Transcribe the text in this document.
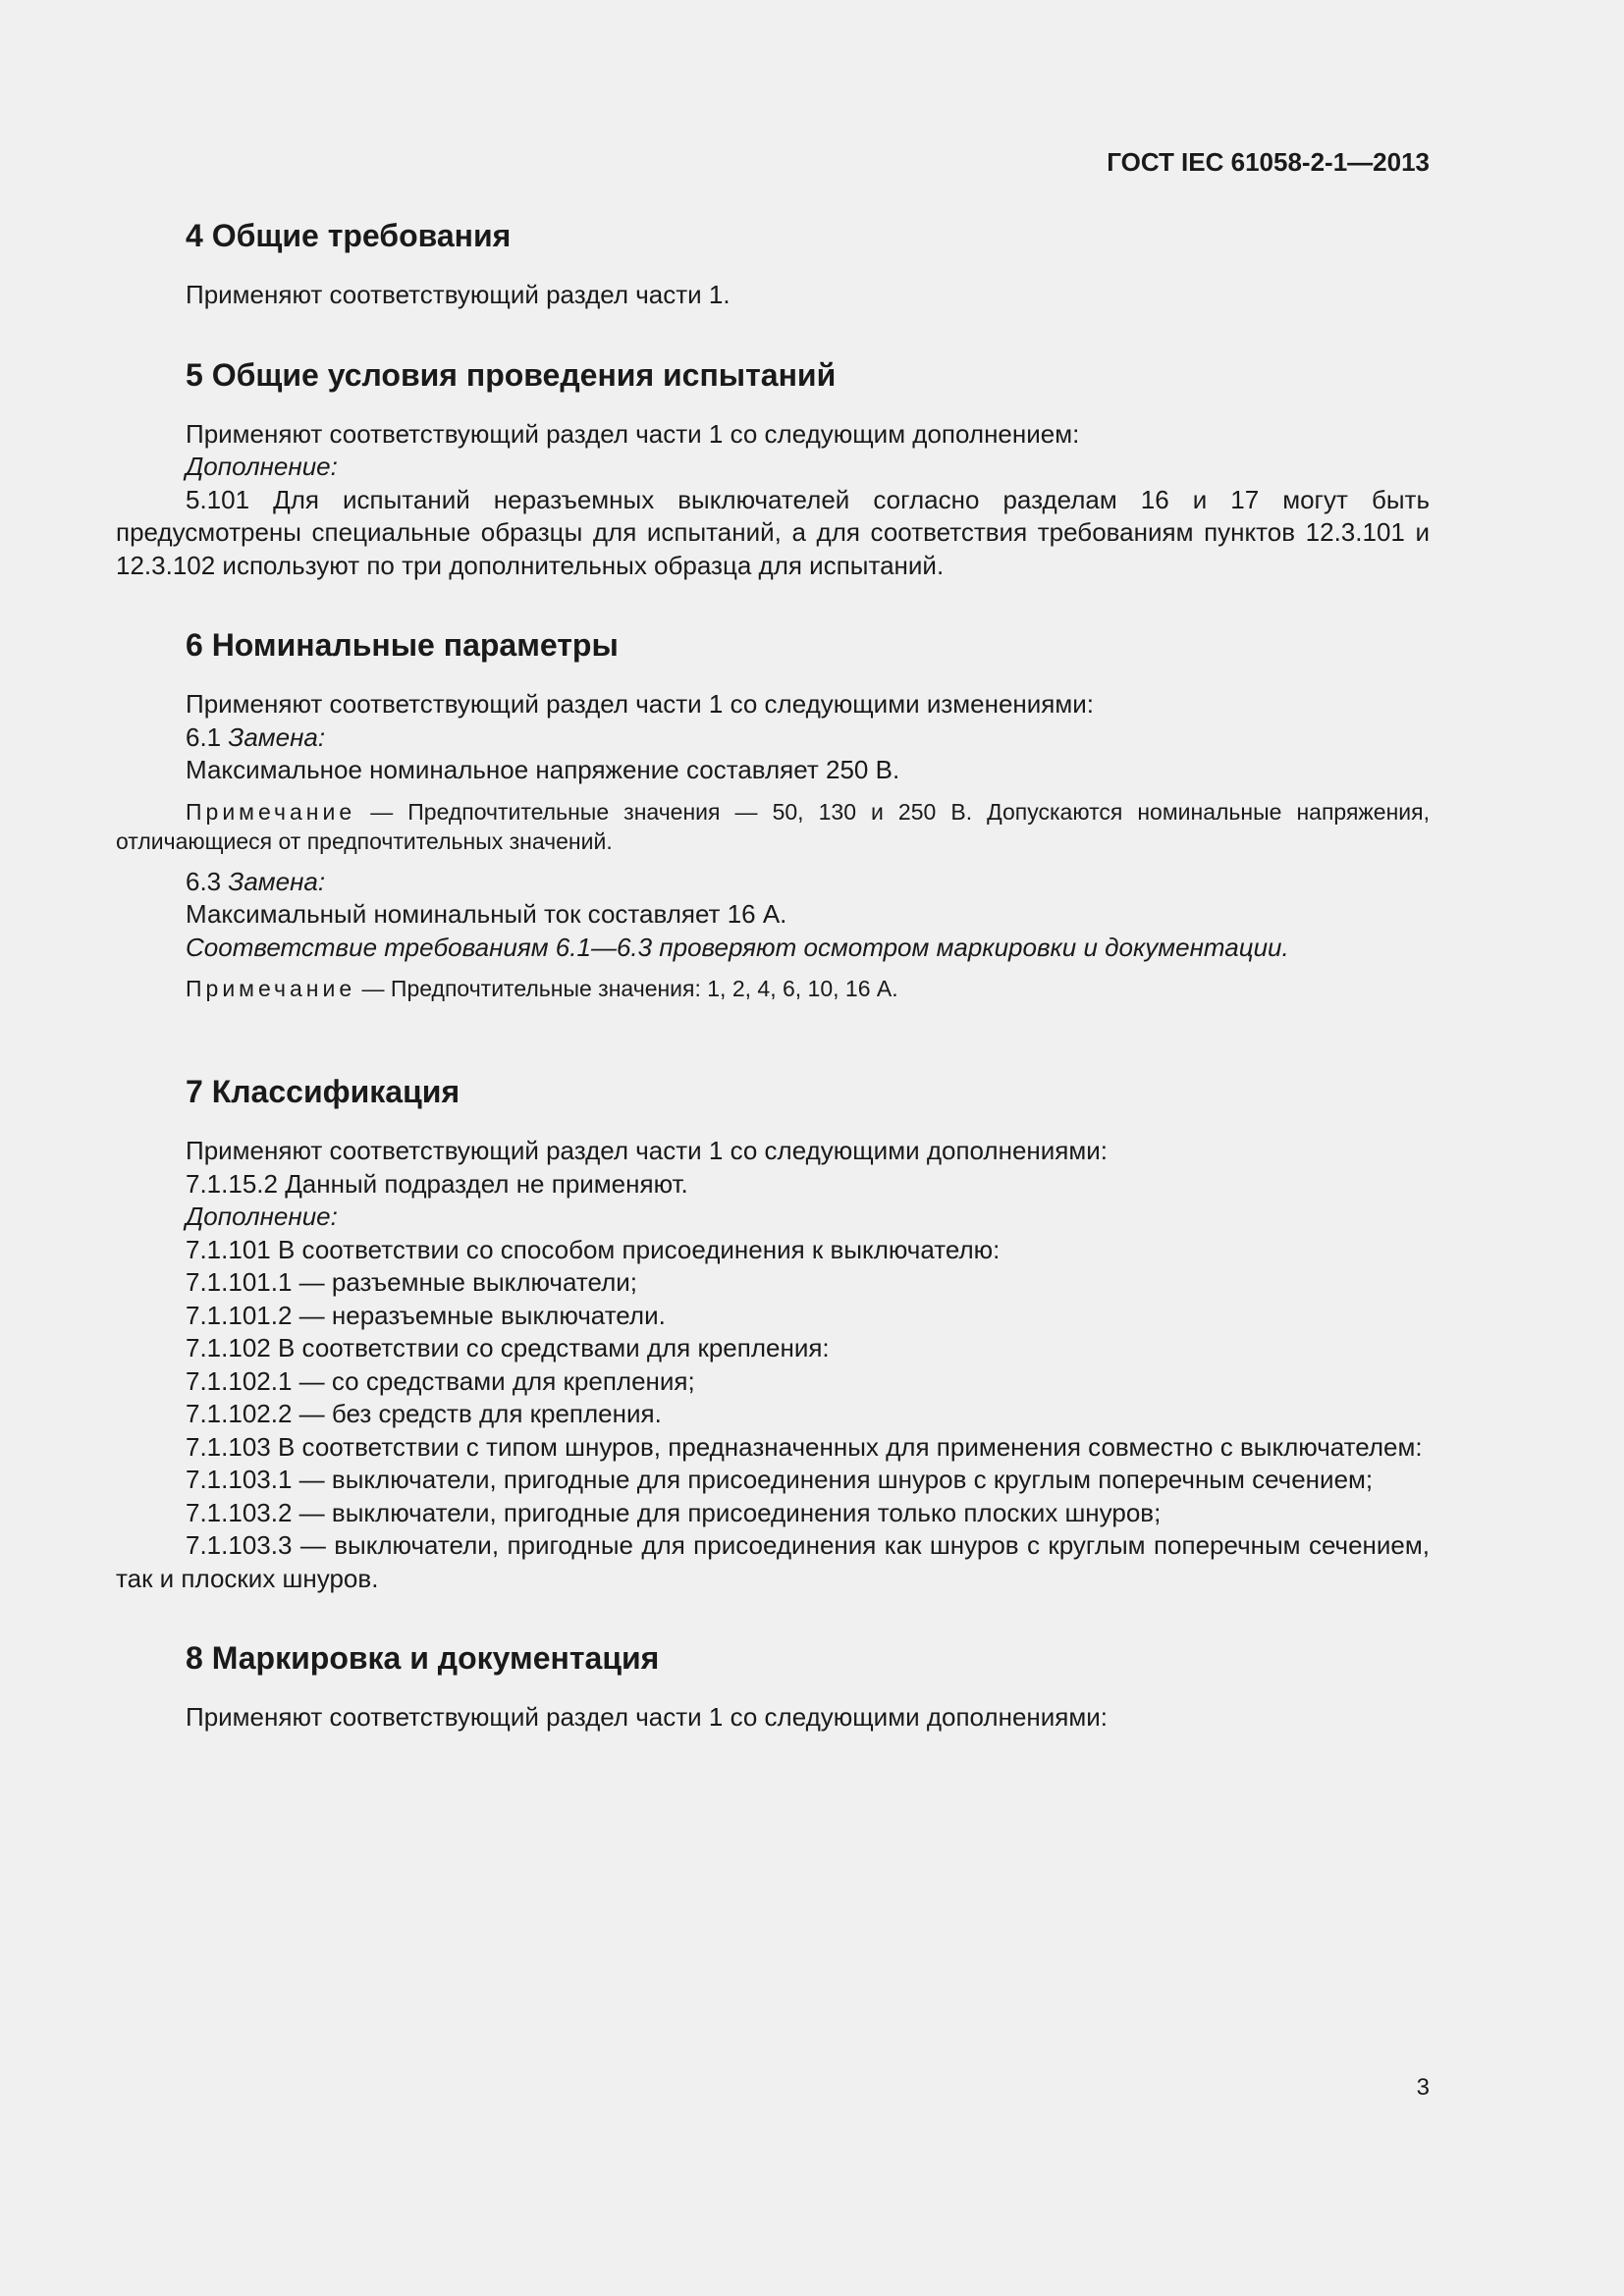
ГОСТ IEC 61058-2-1—2013
4 Общие требования

Применяют соответствующий раздел части 1.

5 Общие условия проведения испытаний

Применяют соответствующий раздел части 1 со следующим дополнением:

Дополнение:

5.101 Для испытаний неразъемных выключателей согласно разделам 16 и 17 могут быть предусмотрены специальные образцы для испытаний, а для соответствия требованиям пунктов 12.3.101 и 12.3.102 используют по три дополнительных образца для испытаний.

6 Номинальные параметры

Применяют соответствующий раздел части 1 со следующими изменениями:

6.1 Замена:

Максимальное номинальное напряжение составляет 250 В.

Примечание — Предпочтительные значения — 50, 130 и 250 В. Допускаются номинальные напряжения, отличающиеся от предпочтительных значений.

6.3 Замена:

Максимальный номинальный ток составляет 16 А.

Соответствие требованиям 6.1—6.3 проверяют осмотром маркировки и документации.

Примечание — Предпочтительные значения: 1, 2, 4, 6, 10, 16 А.

7 Классификация

Применяют соответствующий раздел части 1 со следующими дополнениями:

7.1.15.2 Данный подраздел не применяют.

Дополнение:

7.1.101 В соответствии со способом присоединения к выключателю:

7.1.101.1 — разъемные выключатели;

7.1.101.2 — неразъемные выключатели.

7.1.102 В соответствии со средствами для крепления:

7.1.102.1 — со средствами для крепления;

7.1.102.2 — без средств для крепления.

7.1.103 В соответствии с типом шнуров, предназначенных для применения совместно с выключателем:

7.1.103.1 — выключатели, пригодные для присоединения шнуров с круглым поперечным сечением;

7.1.103.2 — выключатели, пригодные для присоединения только плоских шнуров;

7.1.103.3 — выключатели, пригодные для присоединения как шнуров с круглым поперечным сечением, так и плоских шнуров.

8 Маркировка и документация

Применяют соответствующий раздел части 1 со следующими дополнениями:

3
